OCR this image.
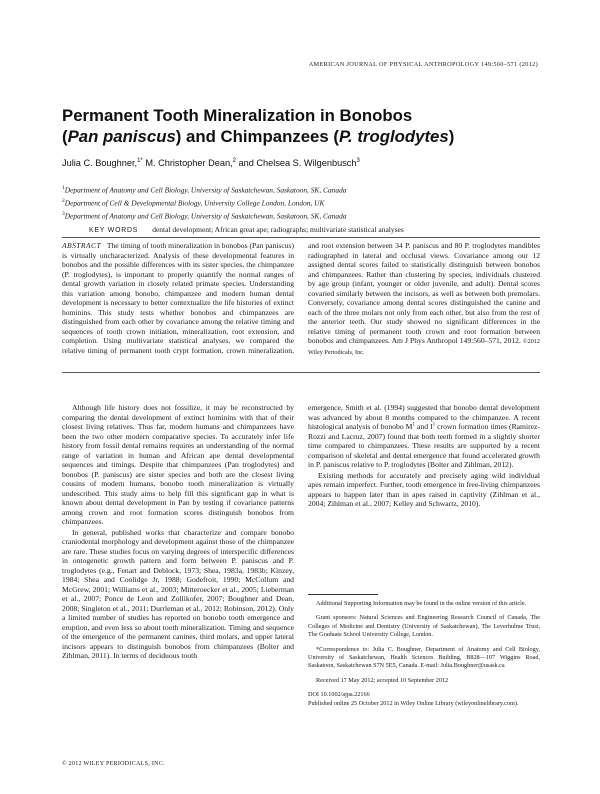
AMERICAN JOURNAL OF PHYSICAL ANTHROPOLOGY 149:560–571 (2012)
Permanent Tooth Mineralization in Bonobos
(Pan paniscus) and Chimpanzees (P. troglodytes)
Julia C. Boughner,$^{1*}$ M. Christopher Dean,$^2$ and Chelsea S. Wilgenbusch$^3$
$^1$Department of Anatomy and Cell Biology, University of Saskatchewan, Saskatoon, SK, Canada
$^2$Department of Cell & Developmental Biology, University College London, London, UK
$^3$Department of Anatomy and Cell Biology, University of Saskatchewan, Saskatoon, SK, Canada
KEY WORDS dental development; African great ape; radiographs; multivariate statistical analyses

ABSTRACT The timing of tooth mineralization in bonobos (Pan paniscus) is virtually uncharacterized. Analysis of these developmental features in bonobos and the possible differences with its sister species, the chimpanzee (P. troglodytes), is important to properly quantify the normal ranges of dental growth variation in closely related primate species. Understanding this variation among bonobo, chimpanzee and modern human dental development is necessary to better contextualize the life histories of extinct hominins. This study tests whether bonobos and chimpanzees are distinguished from each other by covariance among the relative timing and sequences of tooth crown initiation, mineralization, root extension, and completion. Using multivariate statistical analyses, we compared the relative timing of permanent tooth crypt formation, crown mineralization, and root extension between 34 P. paniscus and 80 P. troglodytes mandibles radiographed in lateral and occlusal views. Covariance among our 12 assigned dental scores failed to statistically distinguish between bonobos and chimpanzees. Rather than clustering by species, individuals clustered by age group (infant, younger or older juvenile, and adult). Dental scores covaried similarly between the incisors, as well as between both premolars. Conversely, covariance among dental scores distinguished the canine and each of the three molars not only from each other, but also from the rest of the anterior teeth. Our study showed no significant differences in the relative timing of permanent tooth crown and root formation between bonobos and chimpanzees. Am J Phys Anthropol 149:560–571, 2012. ©2012 Wiley Periodicals, Inc.

Although life history does not fossilize, it may be reconstructed by comparing the dental development of extinct hominins with that of their closest living relatives. Thus far, modern humans and chimpanzees have been the two other modern comparative species. To accurately infer life history from fossil dental remains requires an understanding of the normal range of variation in human and African ape dental developmental sequences and timings. Despite that chimpanzees (Pan troglodytes) and bonobos (P. paniscus) are sister species and both are the closest living cousins of modern humans, bonobo tooth mineralization is virtually undescribed. This study aims to help fill this significant gap in what is known about dental development in Pan by testing if covariance patterns among crown and root formation scores distinguish bonobos from chimpanzees.

In general, published works that characterize and compare bonobo craniodental morphology and development against those of the chimpanzee are rare. These studies focus on varying degrees of interspecific differences in ontogenetic growth pattern and form between P. paniscus and P. troglodytes (e.g., Fenart and Deblock, 1973; Shea, 1983a, 1983b; Kinzey, 1984; Shea and Coolidge Jr, 1988; Godefroit, 1990; McCollum and McGrew, 2001; Williams et al., 2003; Mitteroecker et al., 2005; Lieberman et al., 2007; Ponce de Leon and Zollikofer, 2007; Boughner and Dean, 2008; Singleton et al., 2011; Durrleman et al., 2012; Robinson, 2012). Only a limited number of studies has reported on bonobo tooth emergence and eruption, and even less so about tooth mineralization. Timing and sequence of the emergence of the permanent canines, third molars, and upper lateral incisors appears to distinguish bonobos from chimpanzees (Bolter and Zihlman, 2011). In terms of deciduous tooth

emergence, Smith et al. (1994) suggested that bonobo dental development was advanced by about 8 months compared to the chimpanzee. A recent histological analysis of bonobo $M^1$ and $I^1$ crown formation times (Ramirez-Rozzi and Lacruz, 2007) found that both teeth formed in a slightly shorter time compared to chimpanzees. These results are supported by a recent comparison of skeletal and dental emergence that found accelerated growth in P. paniscus relative to P. troglodytes (Bolter and Zihlman, 2012).

Existing methods for accurately and precisely aging wild individual apes remain imperfect. Further, tooth emergence in free-living chimpanzees appears to happen later than in apes raised in captivity (Zihlman et al., 2004; Zihlman et al., 2007; Kelley and Schwartz, 2010).

Additional Supporting Information may be found in the online version of this article.

Grant sponsors: Natural Sciences and Engineering Research Council of Canada, The Colleges of Medicine and Dentistry (University of Saskatchewan), The Leverhulme Trust, The Graduate School University College, London.

*Correspondence to: Julia C. Boughner, Department of Anatomy and Cell Biology, University of Saskatchewan, Health Sciences Building, B828—107 Wiggins Road, Saskatoon, Saskatchewan S7N 5E5, Canada. E-mail: Julia.Boughner@usask.ca

Received 17 May 2012; accepted 10 September 2012

DOI 10.1002/ajpa.22166

Published online 25 October 2012 in Wiley Online Library (wileyonlinelibrary.com).

© 2012 WILEY PERIODICALS, INC.
